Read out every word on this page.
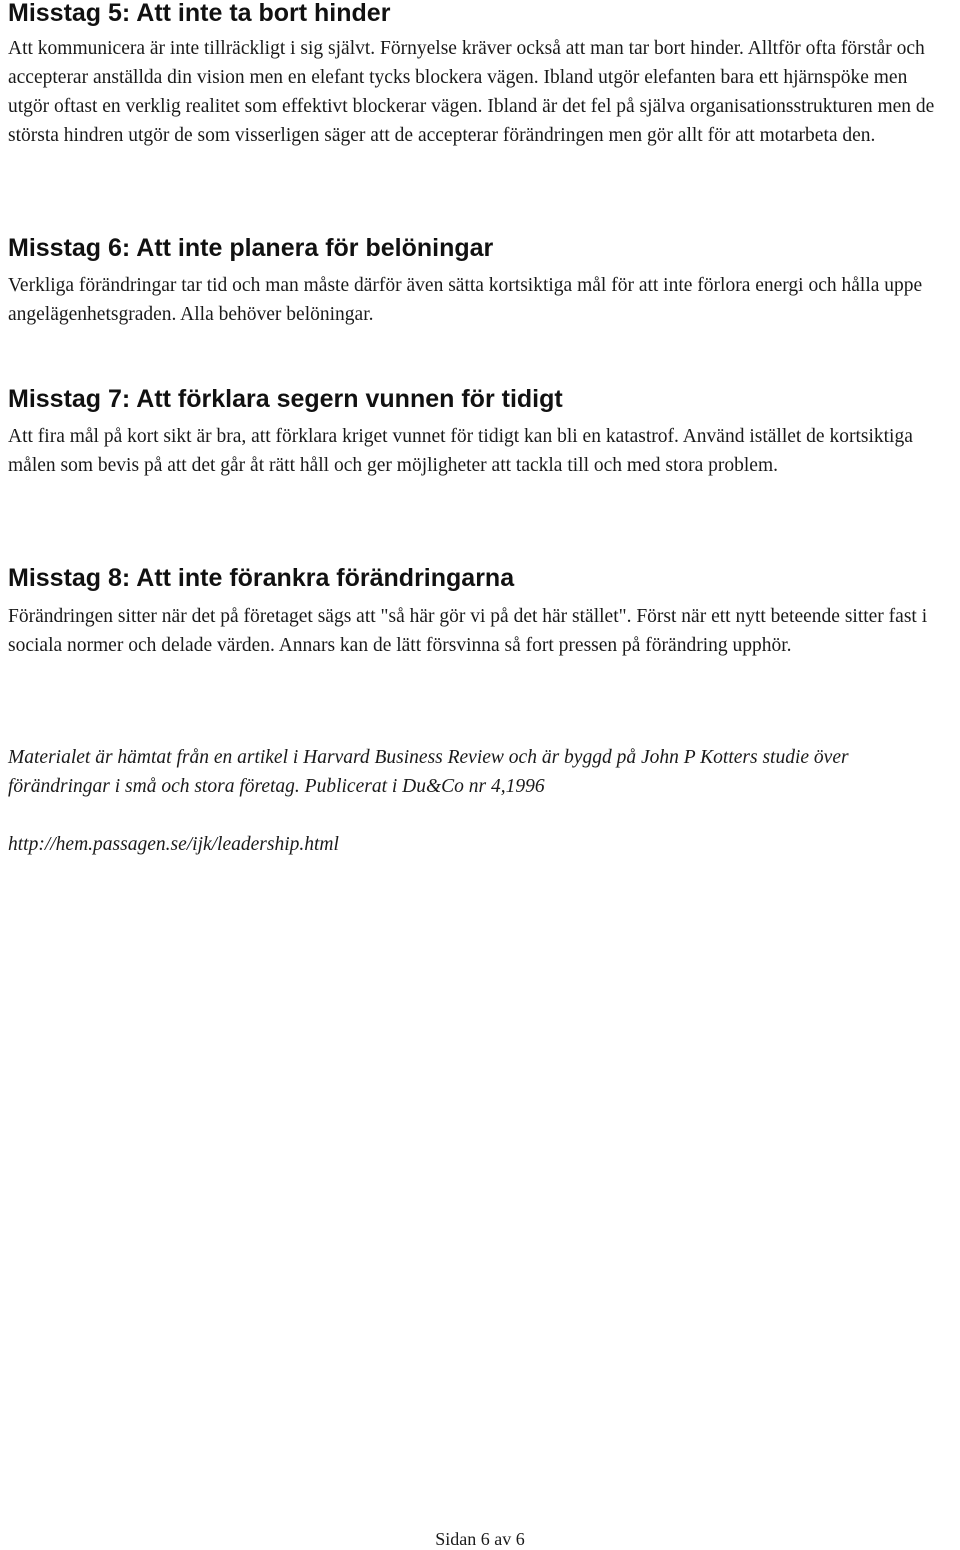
Misstag 5: Att inte ta bort hinder

Att kommunicera är inte tillräckligt i sig självt. Förnyelse kräver också att man tar bort hinder. Alltför ofta förstår och accepterar anställda din vision men en elefant tycks blockera vägen. Ibland utgör elefanten bara ett hjärnspöke men utgör oftast en verklig realitet som effektivt blockerar vägen. Ibland är det fel på själva organisationsstrukturen men de största hindren utgör de som visserligen säger att de accepterar förändringen men gör allt för att motarbeta den.

Misstag 6: Att inte planera för belöningar

Verkliga förändringar tar tid och man måste därför även sätta kortsiktiga mål för att inte förlora energi och hålla uppe angelägenhetsgraden. Alla behöver belöningar.

Misstag 7: Att förklara segern vunnen för tidigt

Att fira mål på kort sikt är bra, att förklara kriget vunnet för tidigt kan bli en katastrof. Använd istället de kortsiktiga målen som bevis på att det går åt rätt håll och ger möjligheter att tackla till och med stora problem.

Misstag 8: Att inte förankra förändringarna

Förändringen sitter när det på företaget sägs att "så här gör vi på det här stället". Först när ett nytt beteende sitter fast i sociala normer och delade värden. Annars kan de lätt försvinna så fort pressen på förändring upphör.

Materialet är hämtat från en artikel i Harvard Business Review och är byggd på John P Kotters studie över förändringar i små och stora företag. Publicerat i Du&Co nr 4,1996

http://hem.passagen.se/ijk/leadership.html

Sidan 6 av 6
